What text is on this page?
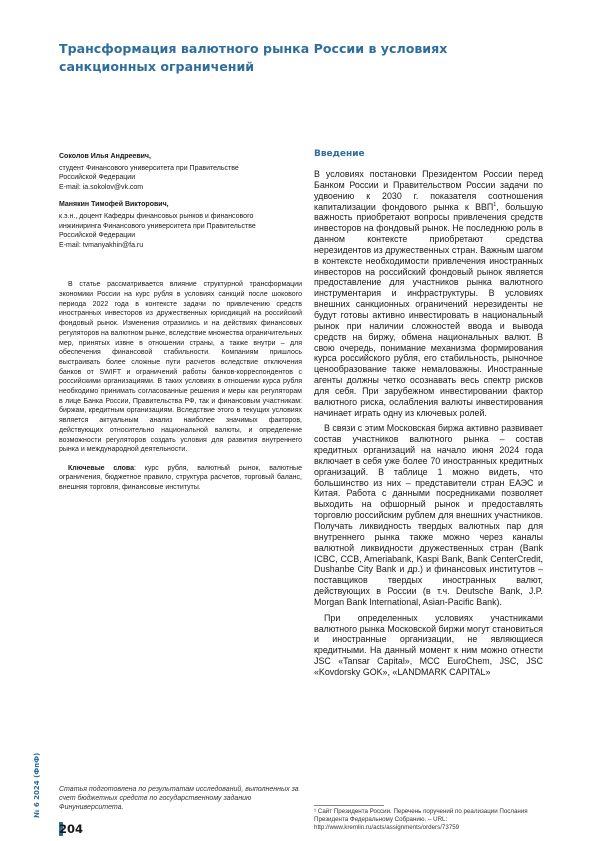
Трансформация валютного рынка России в условиях санкционных ограничений
Соколов Илья Андреевич,
студент Финансового университета при Правительстве
Российской Федерации
E-mail: ia.sokolov@vk.com
Манякин Тимофей Викторович,
к.э.н., доцент Кафедры финансовых рынков и финансового
инжиниринга Финансового университета при Правительстве
Российской Федерации
E-mail: tvmanyakhin@fa.ru

В статье рассматривается влияние структурной трансформации экономики России на курс рубля в условиях санкций после шокового периода 2022 года в контексте задачи по привлечению средств иностранных инвесторов из дружественных юрисдикций на российский фондовый рынок. Изменения отразились и на действиях финансовых регуляторов на валютном рынке, вследствие множества ограничительных мер, принятых извне в отношении страны, а также внутри – для обеспечения финансовой стабильности. Компаниям пришлось выстраивать более сложные пути расчетов вследствие отключения банков от SWIFT и ограничений работы банков-корреспондентов с российскими организациями. В таких условиях в отношении курса рубля необходимо принимать согласованные решения и меры как регуляторам в лице Банка России, Правительства РФ, так и финансовым участникам: биржам, кредитным организациям. Вследствие этого в текущих условиях является актуальным анализ наиболее значимых факторов, действующих относительно национальной валюты, и определение возможности регуляторов создать условия для развития внутреннего рынка и международной деятельности.

Ключевые слова: курс рубля, валютный рынок, валютные ограничения, бюджетное правило, структура расчетов, торговый баланс, внешняя торговля, финансовые институты.

Статья подготовлена по результатам исследований, выполненных за счет бюджетных средств по государственному заданию Финуниверситета.

Введение

В условиях постановки Президентом России перед Банком России и Правительством России задачи по удвоению к 2030 г. показателя соотношения капитализации фондового рынка к ВВП$^1$, большую важность приобретают вопросы привлечения средств инвесторов на фондовый рынок. Не последнюю роль в данном контексте приобретают средства нерезидентов из дружественных стран. Важным шагом в контексте необходимости привлечения иностранных инвесторов на российский фондовый рынок является предоставление для участников рынка валютного инструментария и инфраструктуры. В условиях внешних санкционных ограничений нерезиденты не будут готовы активно инвестировать в национальный рынок при наличии сложностей ввода и вывода средств на биржу, обмена национальных валют. В свою очередь, понимание механизма формирования курса российского рубля, его стабильность, рыночное ценообразование также немаловажны. Иностранные агенты должны четко осознавать весь спектр рисков для себя. При зарубежном инвестировании фактор валютного риска, ослабления валюты инвестирования начинает играть одну из ключевых ролей.

В связи с этим Московская биржа активно развивает состав участников валютного рынка – состав кредитных организаций на начало июня 2024 года включает в себя уже более 70 иностранных кредитных организаций. В таблице 1 можно видеть, что большинство из них – представители стран ЕАЭС и Китая. Работа с данными посредниками позволяет выходить на офшорный рынок и предоставлять торговлю российским рублем для внешних участников. Получать ликвидность твердых валютных пар для внутреннего рынка также можно через каналы валютной ликвидности дружественных стран (Bank ICBC, CCB, Ameriabank, Kaspi Bank, Bank CenterCredit, Dushanbe City Bank и др.) и финансовых институтов – поставщиков твердых иностранных валют, действующих в России (в т.ч. Deutsche Bank, J.P. Morgan Bank International, Asian-Pacific Bank).

При определенных условиях участниками валютного рынка Московской биржи могут становиться и иностранные организации, не являющиеся кредитными. На данный момент к ним можно отнести JSC «Tansar Capital», MCC EuroChem, JSC, JSC «Kovdorsky GOK», «LANDMARK CAPITAL»

¹ Сайт Президента России. Перечень поручений по реализации Послания Президента Федеральному Собранию. – URL: http://www.kremlin.ru/acts/assignments/orders/73759

№ 6 2024 (ФпФ)
204
